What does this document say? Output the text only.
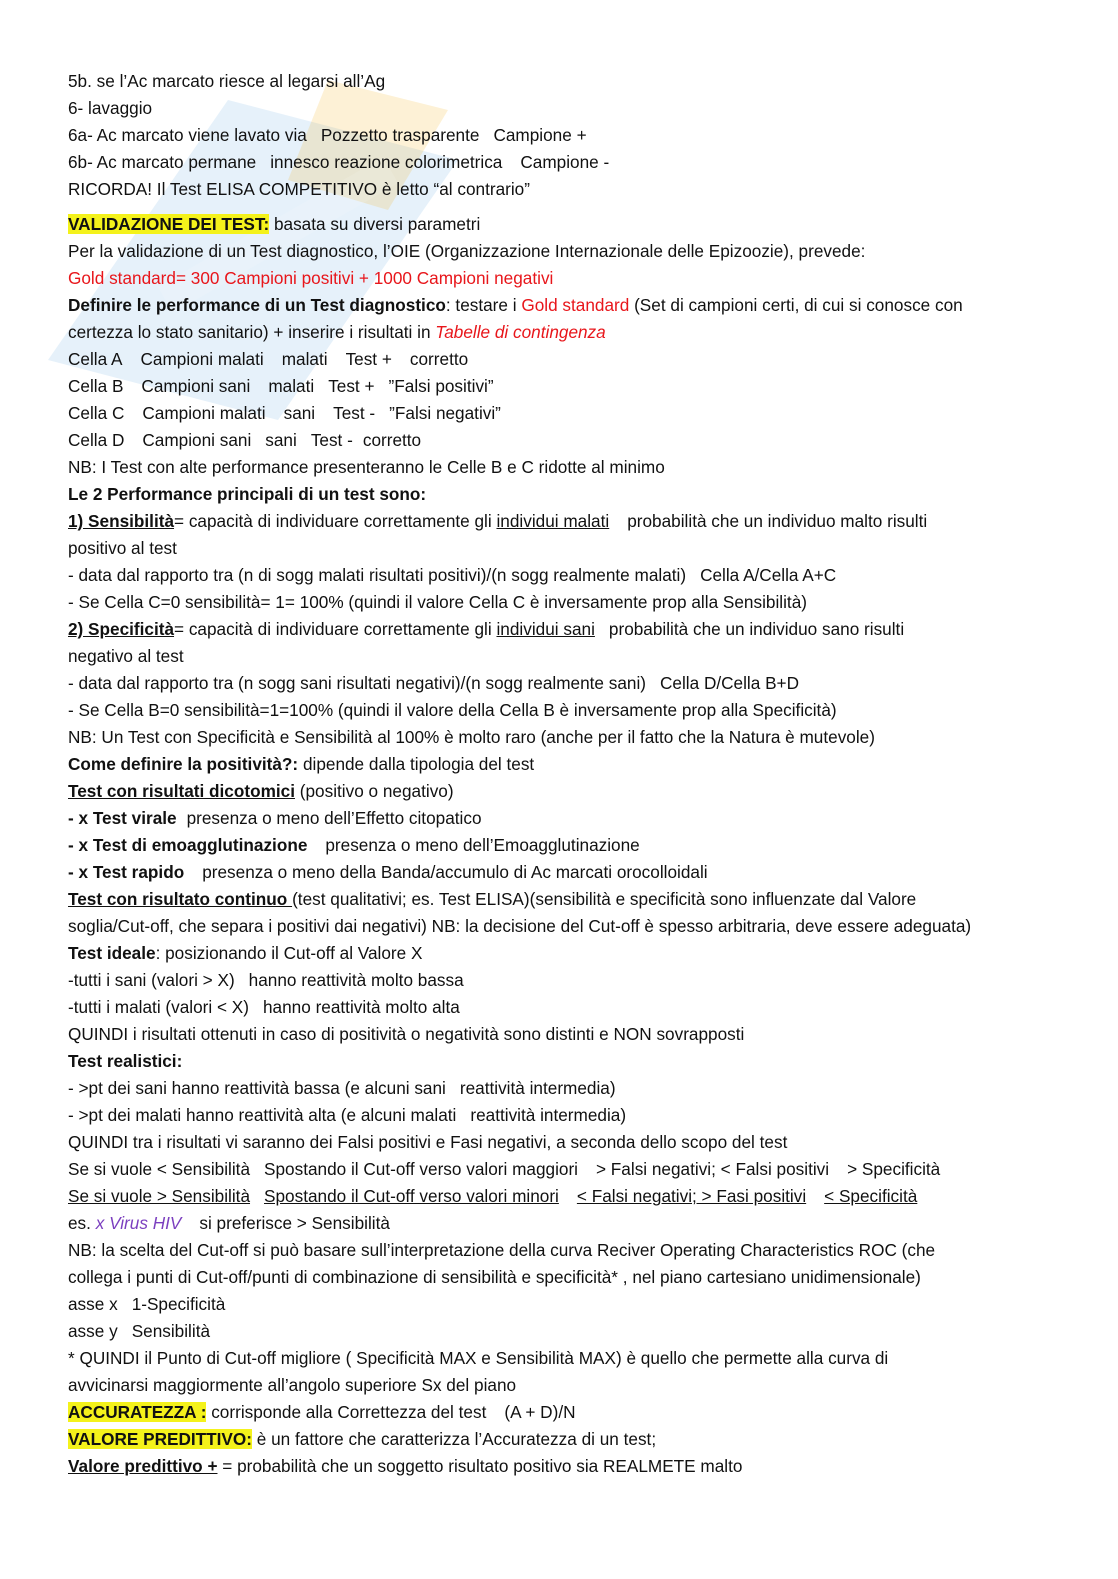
5b. se l’Ac marcato riesce al legarsi all’Ag
6- lavaggio
6a- Ac marcato viene lavato via Pozzetto trasparente Campione +
6b- Ac marcato permane innesco reazione colorimetrica Campione -
RICORDA! Il Test ELISA COMPETITIVO è letto “al contrario”
VALIDAZIONE DEI TEST: basata su diversi parametri
Per la validazione di un Test diagnostico, l’OIE (Organizzazione Internazionale delle Epizoozie), prevede:
Gold standard= 300 Campioni positivi + 1000 Campioni negativi
Definire le performance di un Test diagnostico: testare i Gold standard (Set di campioni certi, di cui si conosce con
certezza lo stato sanitario) + inserire i risultati in Tabelle di contingenza
Cella A Campioni malati malati Test + corretto
Cella B Campioni sani malati Test + ”Falsi positivi”
Cella C Campioni malati sani Test - ”Falsi negativi”
Cella D Campioni sani sani Test - corretto
NB: I Test con alte performance presenteranno le Celle B e C ridotte al minimo
Le 2 Performance principali di un test sono:
1) Sensibilità= capacità di individuare correttamente gli individui malati probabilità che un individuo malto risulti
positivo al test
- data dal rapporto tra (n di sogg malati risultati positivi)/(n sogg realmente malati) Cella A/Cella A+C
- Se Cella C=0 sensibilità= 1= 100% (quindi il valore Cella C è inversamente prop alla Sensibilità)
2) Specificità= capacità di individuare correttamente gli individui sani probabilità che un individuo sano risulti
negativo al test
- data dal rapporto tra (n sogg sani risultati negativi)/(n sogg realmente sani) Cella D/Cella B+D
- Se Cella B=0 sensibilità=1=100% (quindi il valore della Cella B è inversamente prop alla Specificità)
NB: Un Test con Specificità e Sensibilità al 100% è molto raro (anche per il fatto che la Natura è mutevole)
Come definire la positività?: dipende dalla tipologia del test
Test con risultati dicotomici (positivo o negativo)
- x Test virale presenza o meno dell’Effetto citopatico
- x Test di emoagglutinazione presenza o meno dell’Emoagglutinazione
- x Test rapido presenza o meno della Banda/accumulo di Ac marcati orocolloidali
Test con risultato continuo (test qualitativi; es. Test ELISA)(sensibilità e specificità sono influenzate dal Valore
soglia/Cut-off, che separa i positivi dai negativi) NB: la decisione del Cut-off è spesso arbitraria, deve essere adeguata)
Test ideale: posizionando il Cut-off al Valore X
-tutti i sani (valori > X) hanno reattività molto bassa
-tutti i malati (valori < X) hanno reattività molto alta
QUINDI i risultati ottenuti in caso di positività o negatività sono distinti e NON sovrapposti
Test realistici:
- >pt dei sani hanno reattività bassa (e alcuni sani reattività intermedia)
- >pt dei malati hanno reattività alta (e alcuni malati reattività intermedia)
QUINDI tra i risultati vi saranno dei Falsi positivi e Fasi negativi, a seconda dello scopo del test
Se si vuole < Sensibilità Spostando il Cut-off verso valori maggiori > Falsi negativi; < Falsi positivi > Specificità
Se si vuole > Sensibilità Spostando il Cut-off verso valori minori < Falsi negativi; > Fasi positivi < Specificità
es. x Virus HIV si preferisce > Sensibilità
NB: la scelta del Cut-off si può basare sull’interpretazione della curva Reciver Operating Characteristics ROC (che
collega i punti di Cut-off/punti di combinazione di sensibilità e specificità* , nel piano cartesiano unidimensionale)
asse x 1-Specificità
asse y Sensibilità
* QUINDI il Punto di Cut-off migliore ( Specificità MAX e Sensibilità MAX) è quello che permette alla curva di
avvicinarsi maggiormente all’angolo superiore Sx del piano
ACCURATEZZA : corrisponde alla Correttezza del test (A + D)/N
VALORE PREDITTIVO: è un fattore che caratterizza l’Accuratezza di un test;
Valore predittivo + = probabilità che un soggetto risultato positivo sia REALMETE malto
